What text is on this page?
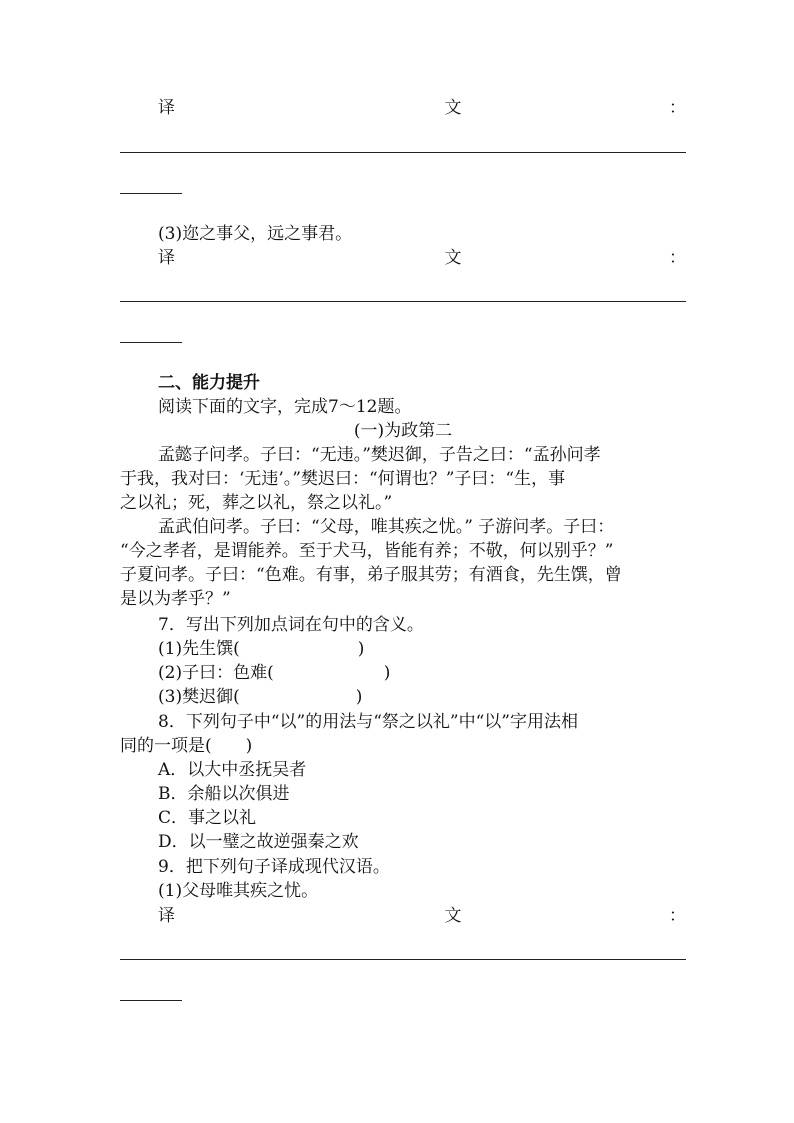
译	文	：
(3)迩之事父，远之事君。
译	文	：
二、能力提升
阅读下面的文字，完成7～12题。
(一)为政第二
孟懿子问孝。子曰：“无违。”樊迟御，子告之曰：“孟孙问孝
于我，我对曰：‘无违’。”樊迟曰：“何谓也？”子曰：“生，事
之以礼；死，葬之以礼，祭之以礼。”
孟武伯问孝。子曰：“父母，唯其疾之忧。” 子游问孝。子曰：
“今之孝者，是谓能养。至于犬马，皆能有养；不敬，何以别乎？”
子夏问孝。子曰：“色难。有事，弟子服其劳；有酒食，先生馔，曾
是以为孝乎？”
7．写出下列加点词在句中的含义。
(1)先生馔(	)
(2)子曰：色难(	)
(3)樊迟御(	)
8．下列句子中“以”的用法与“祭之以礼”中“以”字用法相
同的一项是(　　)
A．以大中丞抚吴者
B．余船以次俱进
C．事之以礼
D．以一璧之故逆强秦之欢
9．把下列句子译成现代汉语。
(1)父母唯其疾之忧。
译	文	：
